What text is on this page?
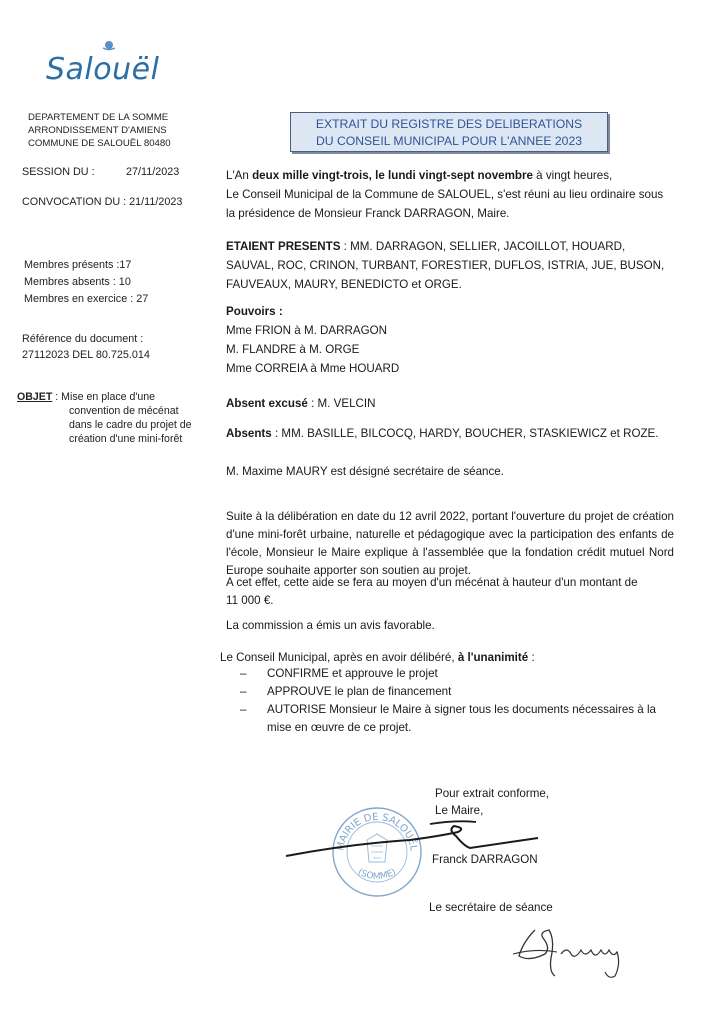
Salouël
DEPARTEMENT DE LA SOMME
ARRONDISSEMENT D'AMIENS
COMMUNE DE SALOUËL 80480
EXTRAIT DU REGISTRE DES DELIBERATIONS
DU CONSEIL MUNICIPAL POUR L'ANNEE 2023
SESSION DU :	27/11/2023
CONVOCATION DU : 21/11/2023
Membres présents :17
Membres absents : 10
Membres en exercice : 27
Référence du document :
27112023 DEL 80.725.014
OBJET : Mise en place d'une
convention de mécénat dans le cadre du projet de création d'une mini-forêt
L'An deux mille vingt-trois, le lundi vingt-sept novembre à vingt heures,
Le Conseil Municipal de la Commune de SALOUEL, s'est réuni au lieu ordinaire sous
la présidence de Monsieur Franck DARRAGON, Maire.
ETAIENT PRESENTS : MM. DARRAGON, SELLIER, JACOILLOT, HOUARD, SAUVAL, ROC, CRINON, TURBANT, FORESTIER, DUFLOS, ISTRIA, JUE, BUSON, FAUVEAUX, MAURY, BENEDICTO et ORGE.
Pouvoirs :
Mme FRION à M. DARRAGON
M. FLANDRE à M. ORGE
Mme CORREIA à Mme HOUARD
Absent excusé : M. VELCIN
Absents : MM. BASILLE, BILCOCQ, HARDY, BOUCHER, STASKIEWICZ et ROZE.
M. Maxime MAURY est désigné secrétaire de séance.
Suite à la délibération en date du 12 avril 2022, portant l'ouverture du projet de création d'une mini-forêt urbaine, naturelle et pédagogique avec la participation des enfants de l'école, Monsieur le Maire explique à l'assemblée que la fondation crédit mutuel Nord Europe souhaite apporter son soutien au projet.
A cet effet, cette aide se fera au moyen d'un mécénat à hauteur d'un montant de
11 000 €.
La commission a émis un avis favorable.
Le Conseil Municipal, après en avoir délibéré, à l'unanimité :
–	CONFIRME et approuve le projet
–	APPROUVE le plan de financement
–	AUTORISE Monsieur le Maire à signer tous les documents nécessaires à la mise en œuvre de ce projet.
Pour extrait conforme,
Le Maire,
MAIRIE DE SALOUËL
(SOMME)
Franck DARRAGON
Le secrétaire de séance
